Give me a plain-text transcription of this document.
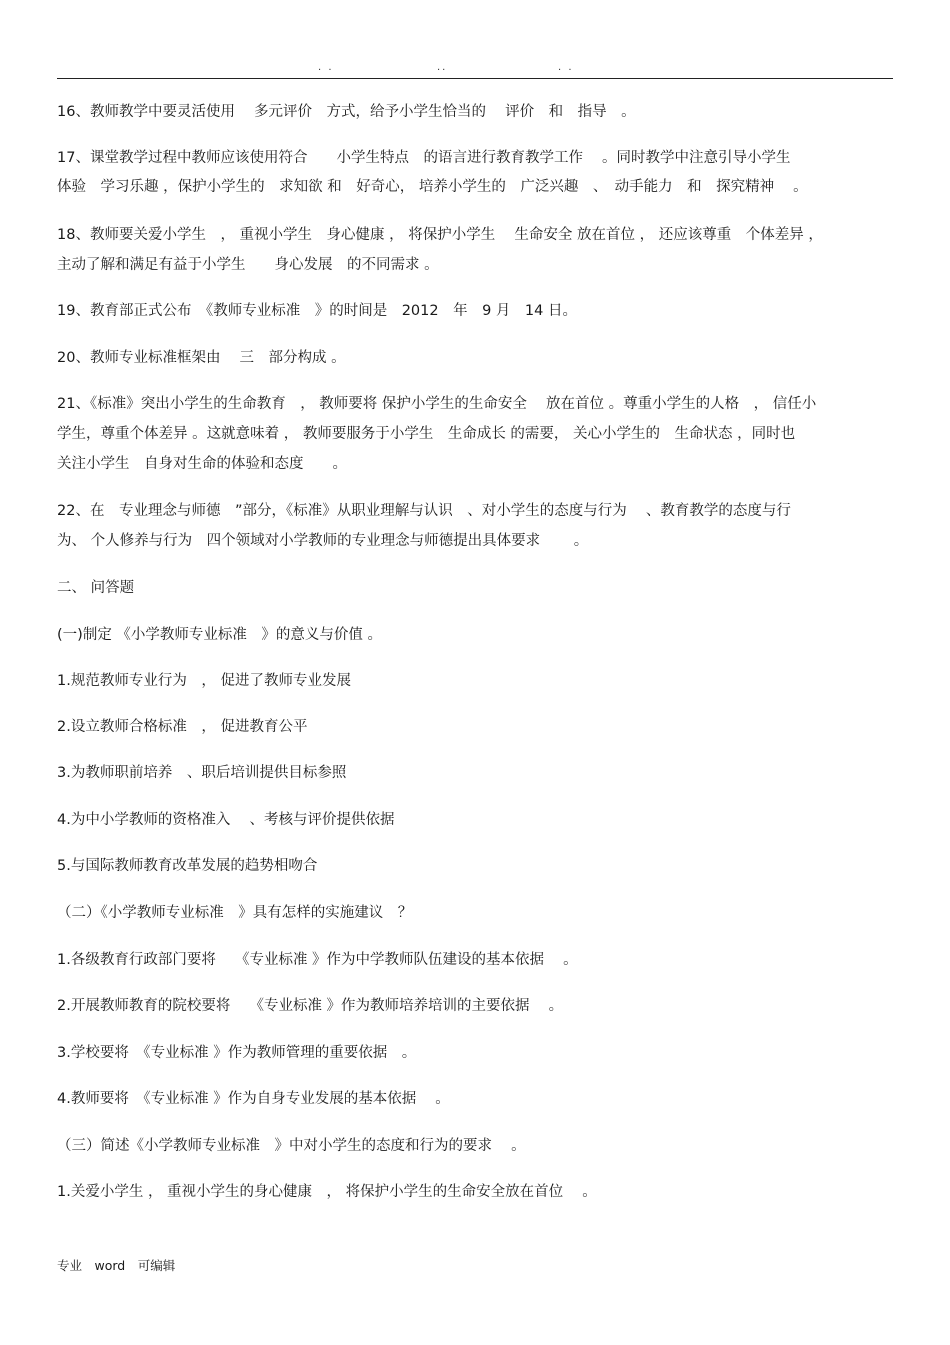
. .	..	. .
16、教师教学中要灵活使用　 多元评价　方式，给予小学生恰当的　 评价　和　指导　。
17、课堂教学过程中教师应该使用符合　　小学生特点　的语言进行教育教学工作　 。同时教学中注意引导小学生
体验　学习乐趣 ，保护小学生的　求知欲 和　好奇心， 培养小学生的　广泛兴趣　、　动手能力　和　探究精神　 。
18、教师要关爱小学生　， 重视小学生　身心健康 ， 将保护小学生　 生命安全 放在首位 ， 还应该尊重　个体差异 ，
主动了解和满足有益于小学生　　身心发展　的不同需求 。
19、教育部正式公布　《教师专业标准　》的时间是　2012　年　9 月　14 日。
20、教师专业标准框架由　 三　部分构成 。
21、《标准》突出小学生的生命教育　， 教师要将 保护小学生的生命安全　 放在首位 。尊重小学生的人格　， 信任小
学生，尊重个体差异 。这就意味着 ， 教师要服务于小学生　生命成长 的需要， 关心小学生的　生命状态 ，同时也
关注小学生　自身对生命的体验和态度　　。
22、在　专业理念与师德　”部分，《标准》从职业理解与认识　、对小学生的态度与行为　 、教育教学的态度与行
为、 个人修养与行为　四个领域对小学教师的专业理念与师德提出具体要求　　 。
二、 问答题
(一)制定 《小学教师专业标准　》的意义与价值 。
1.规范教师专业行为　， 促进了教师专业发展
2.设立教师合格标准　， 促进教育公平
3.为教师职前培养　、职后培训提供目标参照
4.为中小学教师的资格准入　 、考核与评价提供依据
5.与国际教师教育改革发展的趋势相吻合
（二）《小学教师专业标准　》具有怎样的实施建议　？
1.各级教育行政部门要将　 《专业标准 》作为中学教师队伍建设的基本依据　 。
2.开展教师教育的院校要将　 《专业标准 》作为教师培养培训的主要依据　 。
3.学校要将　《专业标准 》作为教师管理的重要依据　。
4.教师要将　《专业标准 》作为自身专业发展的基本依据　 。
（三）简述《小学教师专业标准　》中对小学生的态度和行为的要求　 。
1.关爱小学生 ， 重视小学生的身心健康　， 将保护小学生的生命安全放在首位　 。
专业　word　可编辑
